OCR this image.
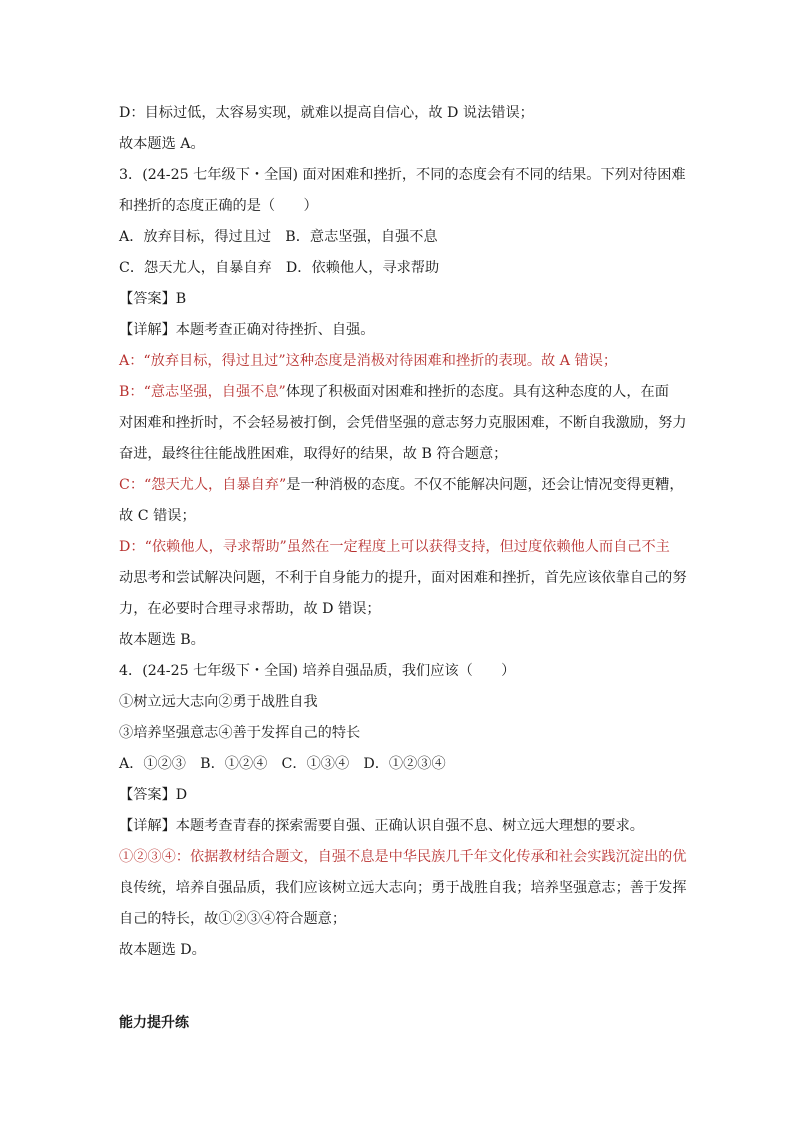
D：目标过低，太容易实现，就难以提高自信心，故 D 说法错误；
故本题选 A。
3．(24-25 七年级下・全国) 面对困难和挫折，不同的态度会有不同的结果。下列对待困难
和挫折的态度正确的是（　　）
A．放弃目标，得过且过　B．意志坚强，自强不息
C．怨天尤人，自暴自弃　D．依赖他人，寻求帮助
【答案】B
【详解】本题考查正确对待挫折、自强。
A：“放弃目标，得过且过”这种态度是消极对待困难和挫折的表现。故 A 错误；
B：“意志坚强，自强不息”体现了积极面对困难和挫折的态度。具有这种态度的人，在面
对困难和挫折时，不会轻易被打倒，会凭借坚强的意志努力克服困难，不断自我激励，努力
奋进，最终往往能战胜困难，取得好的结果，故 B 符合题意；
C：“怨天尤人，自暴自弃”是一种消极的态度。不仅不能解决问题，还会让情况变得更糟，
故 C 错误；
D：“依赖他人，寻求帮助”虽然在一定程度上可以获得支持，但过度依赖他人而自己不主
动思考和尝试解决问题，不利于自身能力的提升，面对困难和挫折，首先应该依靠自己的努
力，在必要时合理寻求帮助，故 D 错误；
故本题选 B。
4．(24-25 七年级下・全国) 培养自强品质，我们应该（　　）
①树立远大志向②勇于战胜自我
③培养坚强意志④善于发挥自己的特长
A．①②③　B．①②④　C．①③④　D．①②③④
【答案】D
【详解】本题考查青春的探索需要自强、正确认识自强不息、树立远大理想的要求。
①②③④：依据教材结合题文，自强不息是中华民族几千年文化传承和社会实践沉淀出的优
良传统，培养自强品质，我们应该树立远大志向；勇于战胜自我；培养坚强意志；善于发挥
自己的特长，故①②③④符合题意；
故本题选 D。
能力提升练
